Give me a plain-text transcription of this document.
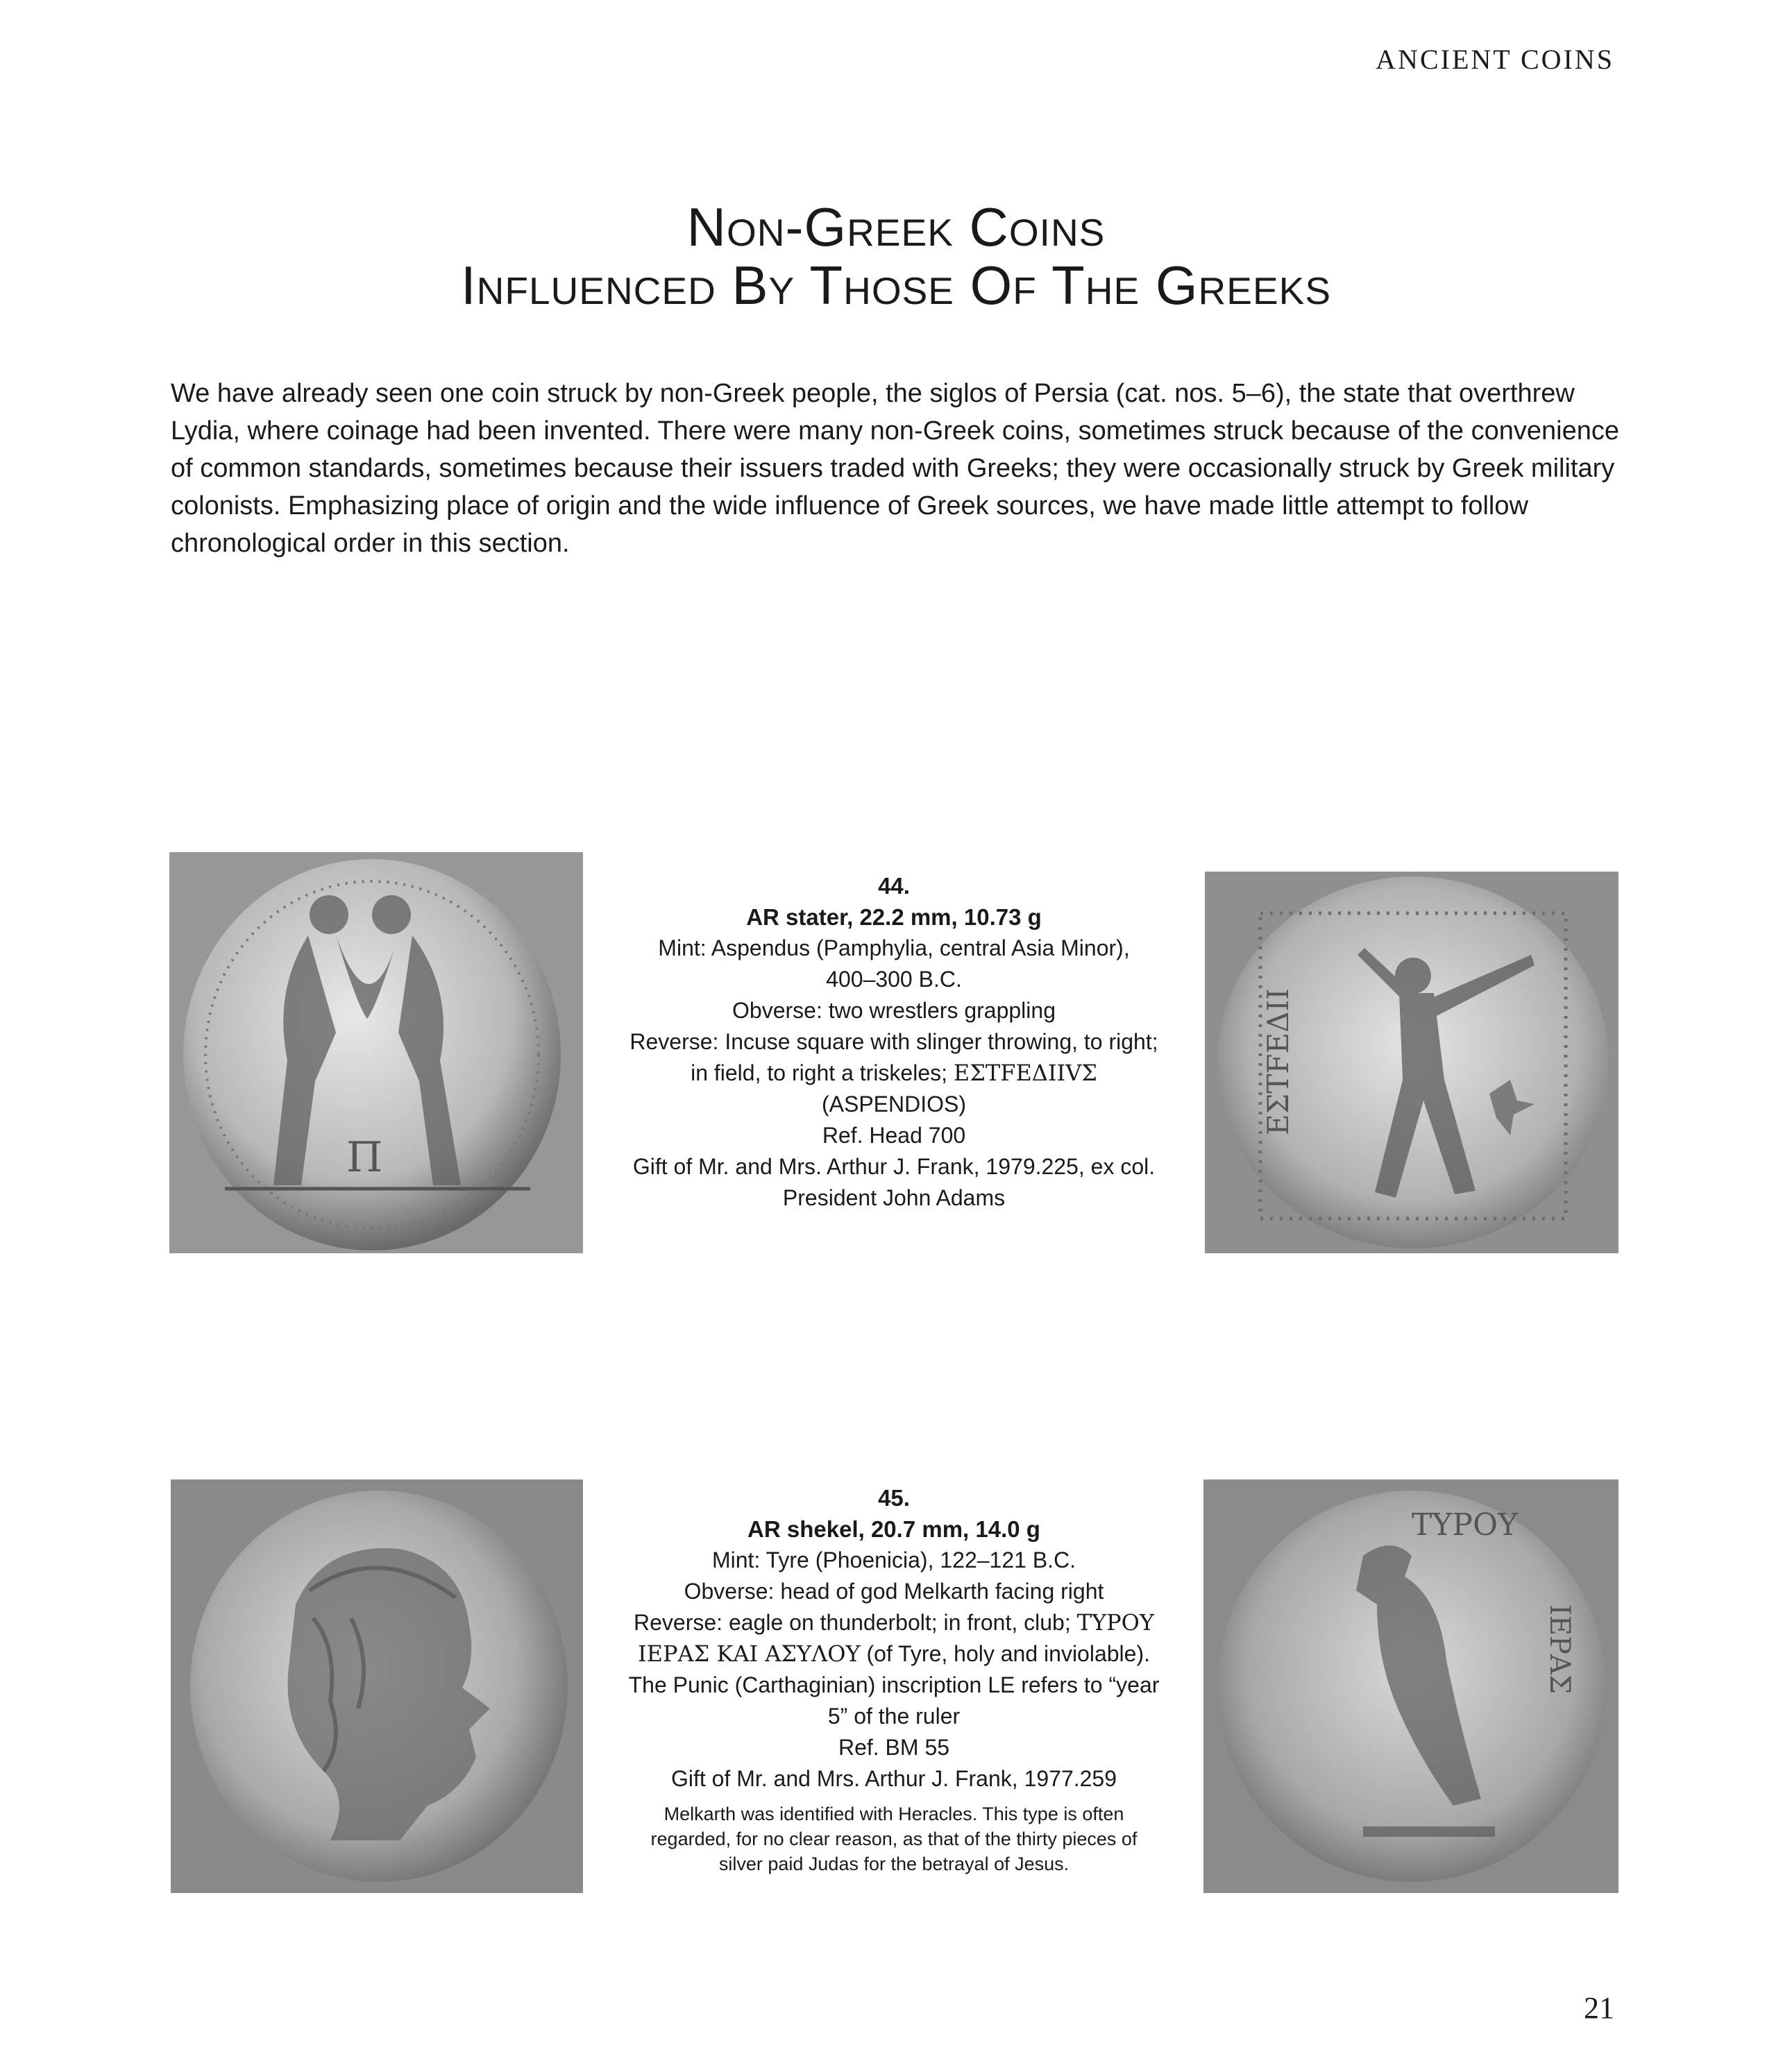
ANCIENT COINS
Non-Greek Coins
Influenced By Those Of The Greeks

We have already seen one coin struck by non-Greek people, the siglos of Persia (cat. nos. 5–6), the state that overthrew Lydia, where coinage had been invented. There were many non-Greek coins, sometimes struck because of the convenience of common standards, sometimes because their issuers traded with Greeks; they were occasionally struck by Greek military colonists. Emphasizing place of origin and the wide influence of Greek sources, we have made little attempt to follow chronological order in this section.

Π
ΕΣΤFΕΔΙΙ
ΤΥΡΟΥ
ΙΕΡΑΣ
44.
AR stater, 22.2 mm, 10.73 g
Mint: Aspendus (Pamphylia, central Asia Minor),
400–300 B.C.
Obverse: two wrestlers grappling
Reverse: Incuse square with slinger throwing, to right;
in field, to right a triskeles; ΕΣΤFΕΔIIVΣ
(ASPENDIOS)
Ref. Head 700
Gift of Mr. and Mrs. Arthur J. Frank, 1979.225, ex col.
President John Adams
45.
AR shekel, 20.7 mm, 14.0 g
Mint: Tyre (Phoenicia), 122–121 B.C.
Obverse: head of god Melkarth facing right
Reverse: eagle on thunderbolt; in front, club; ΤΥΡΟΥ
ΙΕΡΑΣ ΚΑΙ ΑΣΥΛΟΥ (of Tyre, holy and inviolable).
The Punic (Carthaginian) inscription LE refers to “year
5” of the ruler
Ref. BM 55
Gift of Mr. and Mrs. Arthur J. Frank, 1977.259
Melkarth was identified with Heracles. This type is often
regarded, for no clear reason, as that of the thirty pieces of
silver paid Judas for the betrayal of Jesus.
21
